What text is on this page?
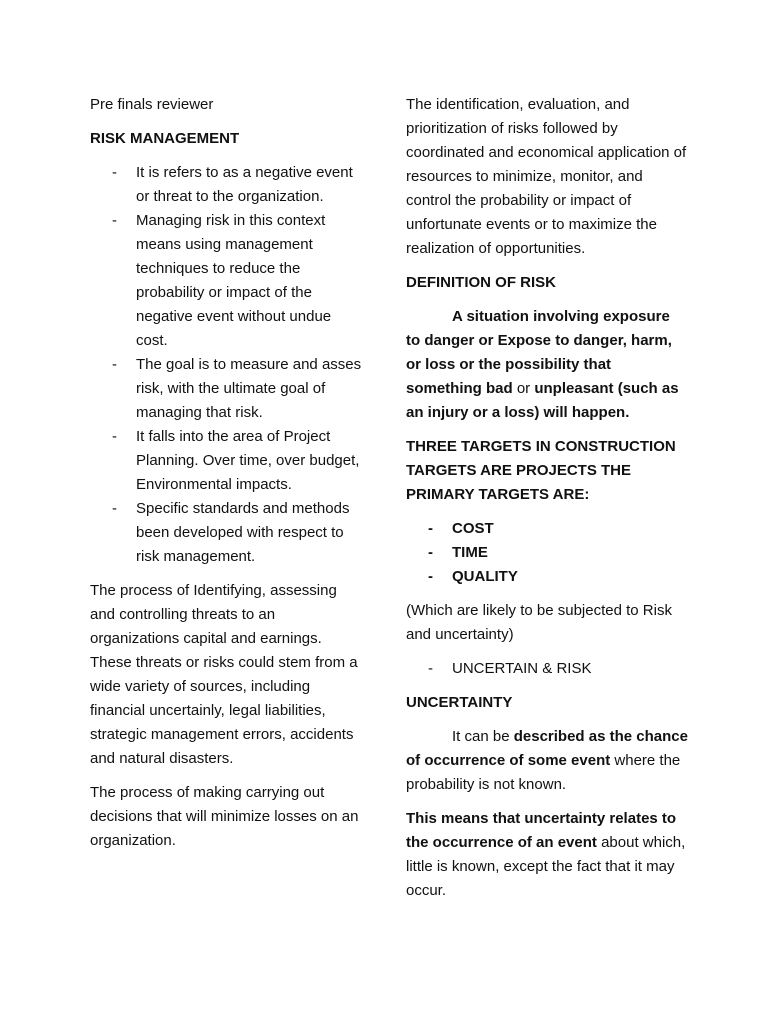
Pre finals reviewer

RISK MANAGEMENT

- It is refers to as a negative event or threat to the organization.
- Managing risk in this context means using management techniques to reduce the probability or impact of the negative event without undue cost.
- The goal is to measure and asses risk, with the ultimate goal of managing that risk.
- It falls into the area of Project Planning. Over time, over budget, Environmental impacts.
- Specific standards and methods been developed with respect to risk management.

The process of Identifying, assessing and controlling threats to an organizations capital and earnings. These threats or risks could stem from a wide variety of sources, including financial uncertainly, legal liabilities, strategic management errors, accidents and natural disasters.

The process of making carrying out decisions that will minimize losses on an organization.

The identification, evaluation, and prioritization of risks followed by coordinated and economical application of resources to minimize, monitor, and control the probability or impact of unfortunate events or to maximize the realization of opportunities.

DEFINITION OF RISK

A situation involving exposure to danger or Expose to danger, harm, or loss or the possibility that something bad or unpleasant (such as an injury or a loss) will happen.

THREE TARGETS IN CONSTRUCTION TARGETS ARE PROJECTS THE PRIMARY TARGETS ARE:

- COST
- TIME
- QUALITY

(Which are likely to be subjected to Risk and uncertainty)

- UNCERTAIN & RISK

UNCERTAINTY

It can be described as the chance of occurrence of some event where the probability is not known.

This means that uncertainty relates to the occurrence of an event about which, little is known, except the fact that it may occur.
